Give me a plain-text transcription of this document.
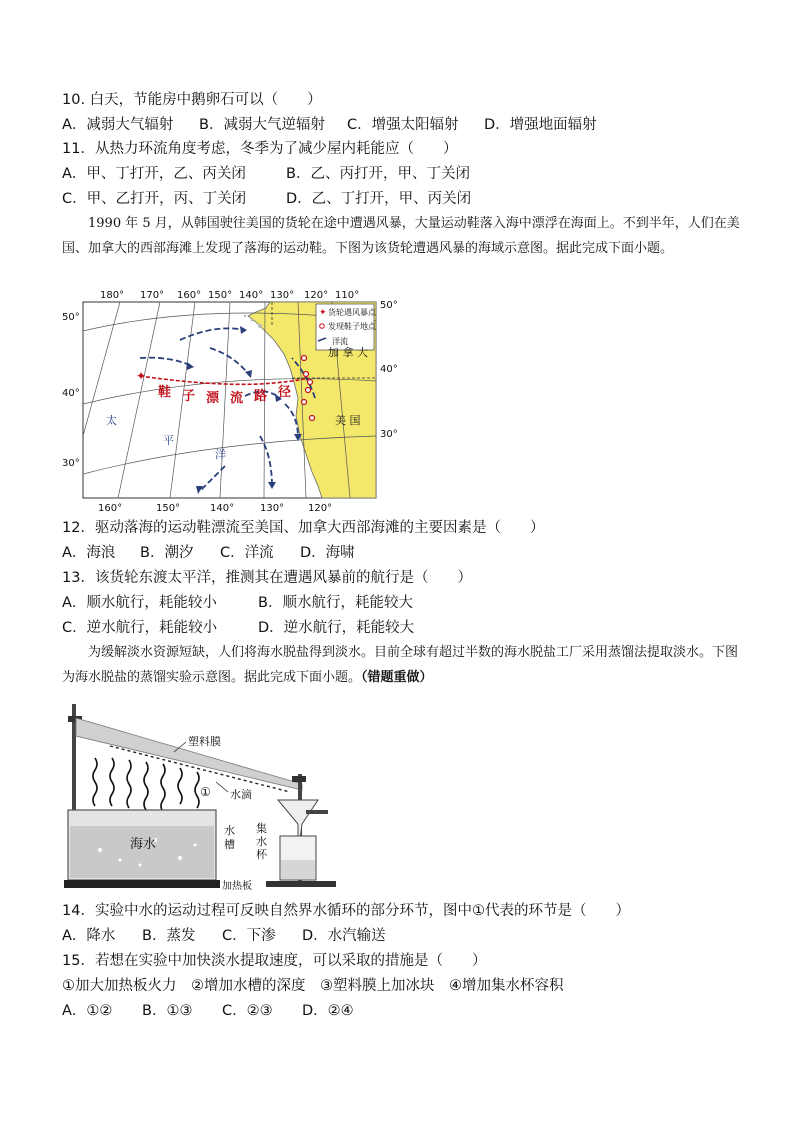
10. 白天，节能房中鹅卵石可以（　　）
A．减弱大气辐射 B．减弱大气逆辐射 C．增强太阳辐射 D．增强地面辐射
11．从热力环流角度考虑，冬季为了减少屋内耗能应（　　）
A．甲、丁打开，乙、丙关闭	B．乙、丙打开，甲、丁关闭
C．甲、乙打开，丙、丁关闭	D．乙、丁打开，甲、丙关闭
1990 年 5 月，从韩国驶往美国的货轮在途中遭遇风暴，大量运动鞋落入海中漂浮在海面上。不到半年，人们在美国、加拿大的西部海滩上发现了落海的运动鞋。下图为该货轮遭遇风暴的海域示意图。据此完成下面小题。
✦
✦ 货轮遇风暴点
发现鞋子地点
洋流
180° 170° 160° 150° 140° 130° 120° 110°
160°	150°	140°	130° 120°
50°
40°
30°
50°
40°
30°
鞋 子 漂 流 路 径
太
平
洋
加 拿 大
美 国
12．驱动落海的运动鞋漂流至美国、加拿大西部海滩的主要因素是（　　）
A．海浪 B．潮汐 C．洋流 D．海啸
13．该货轮东渡太平洋，推测其在遭遇风暴前的航行是（　　）
A．顺水航行，耗能较小	B．顺水航行，耗能较大
C．逆水航行，耗能较小	D．逆水航行，耗能较大
为缓解淡水资源短缺，人们将海水脱盐得到淡水。目前全球有超过半数的海水脱盐工厂采用蒸馏法提取淡水。下图为海水脱盐的蒸馏实验示意图。据此完成下面小题。（错题重做）
塑料膜
水滴
①
海水
水
槽
集
水
杯
加热板
14．实验中水的运动过程可反映自然界水循环的部分环节，图中①代表的环节是（　　）
A．降水 B．蒸发 C．下渗 D．水汽输送
15．若想在实验中加快淡水提取速度，可以采取的措施是（　　）
①加大加热板火力　②增加水槽的深度　③塑料膜上加冰块　④增加集水杯容积
A．①② B．①③ C．②③ D．②④
